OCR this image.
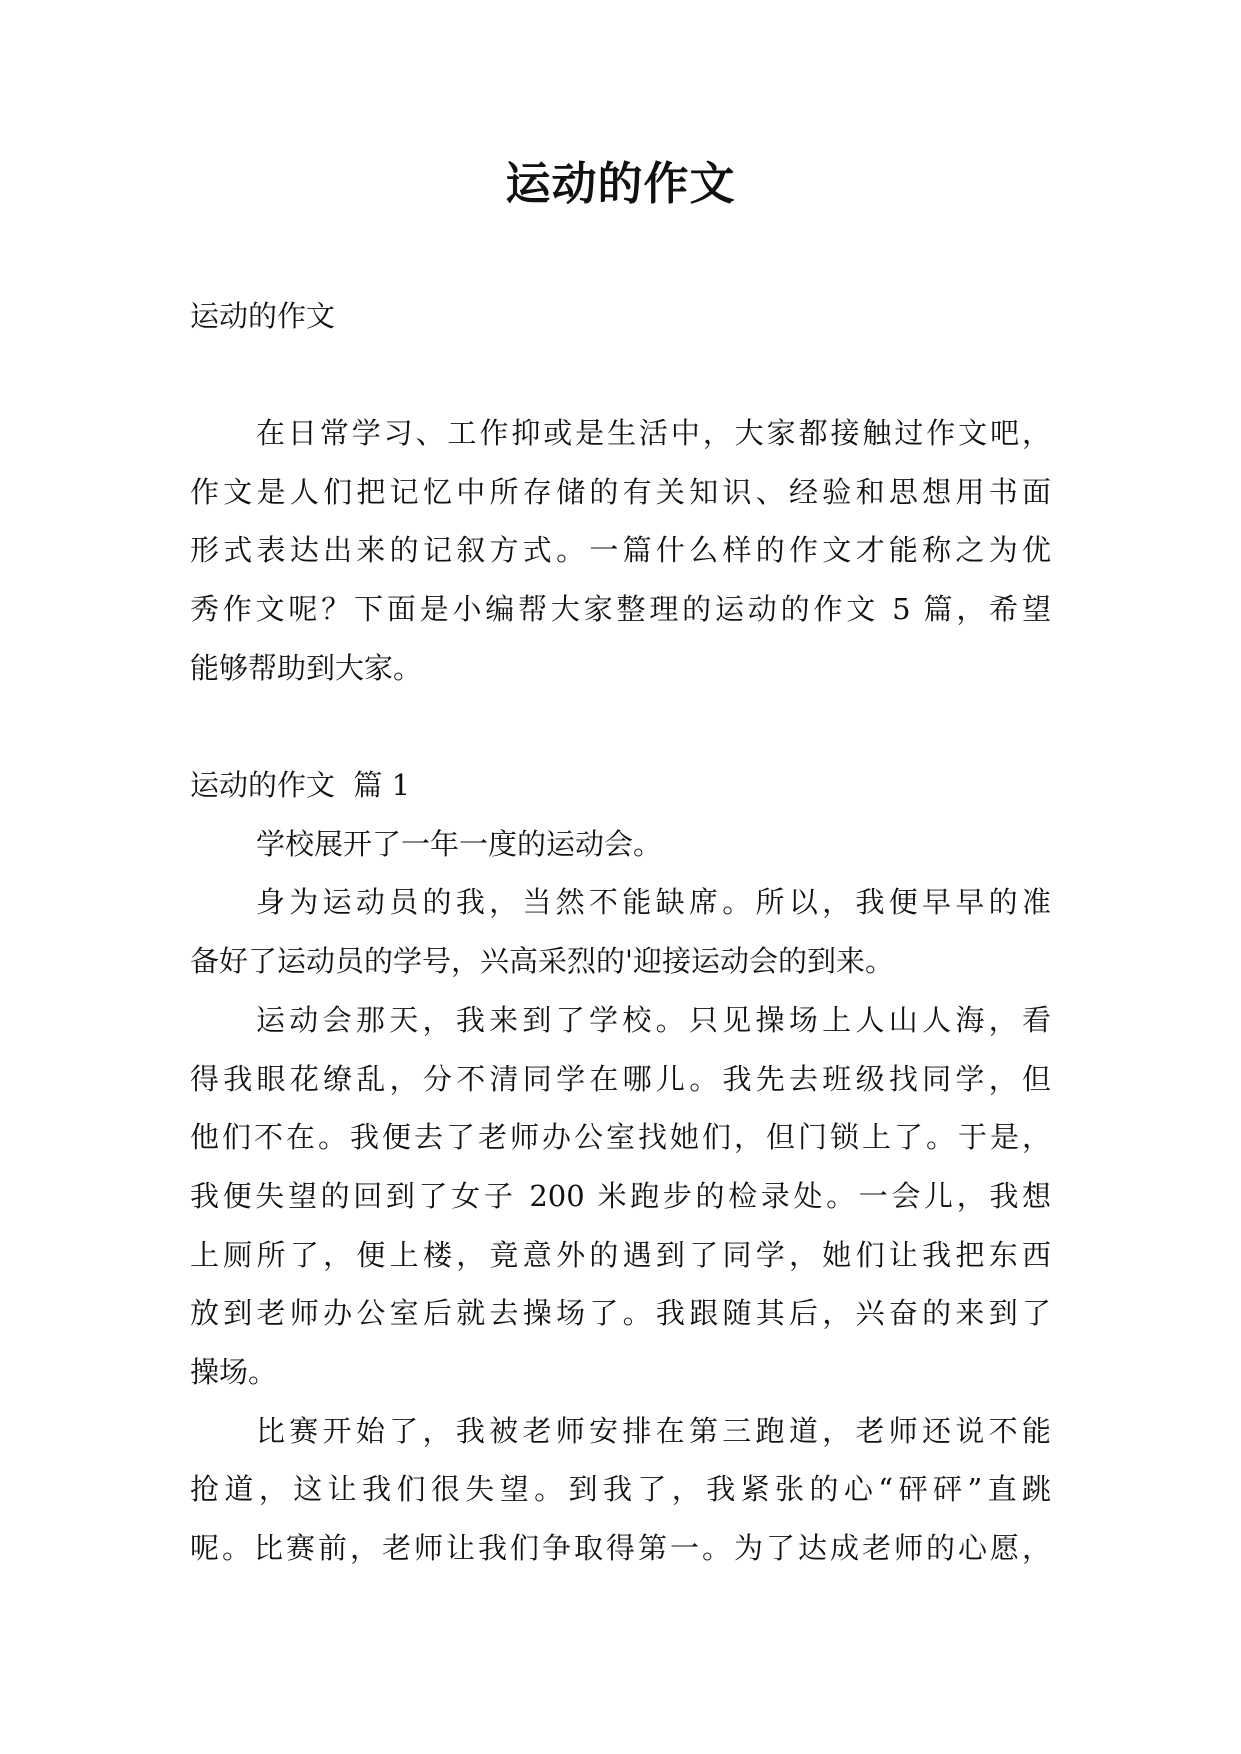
运动的作文
运动的作文
在日常学习、工作抑或是生活中，大家都接触过作文吧，
作文是人们把记忆中所存储的有关知识、经验和思想用书面
形式表达出来的记叙方式。一篇什么样的作文才能称之为优
秀作文呢？下面是小编帮大家整理的运动的作文 5 篇，希望
能够帮助到大家。
运动的作文  篇 1
学校展开了一年一度的运动会。
身为运动员的我，当然不能缺席。所以，我便早早的准
备好了运动员的学号，兴高采烈的'迎接运动会的到来。
运动会那天，我来到了学校。只见操场上人山人海，看
得我眼花缭乱，分不清同学在哪儿。我先去班级找同学，但
他们不在。我便去了老师办公室找她们，但门锁上了。于是，
我便失望的回到了女子 200 米跑步的检录处。一会儿，我想
上厕所了，便上楼，竟意外的遇到了同学，她们让我把东西
放到老师办公室后就去操场了。我跟随其后，兴奋的来到了
操场。
比赛开始了，我被老师安排在第三跑道，老师还说不能
抢道，这让我们很失望。到我了，我紧张的心“砰砰”直跳
呢。比赛前，老师让我们争取得第一。为了达成老师的心愿，
